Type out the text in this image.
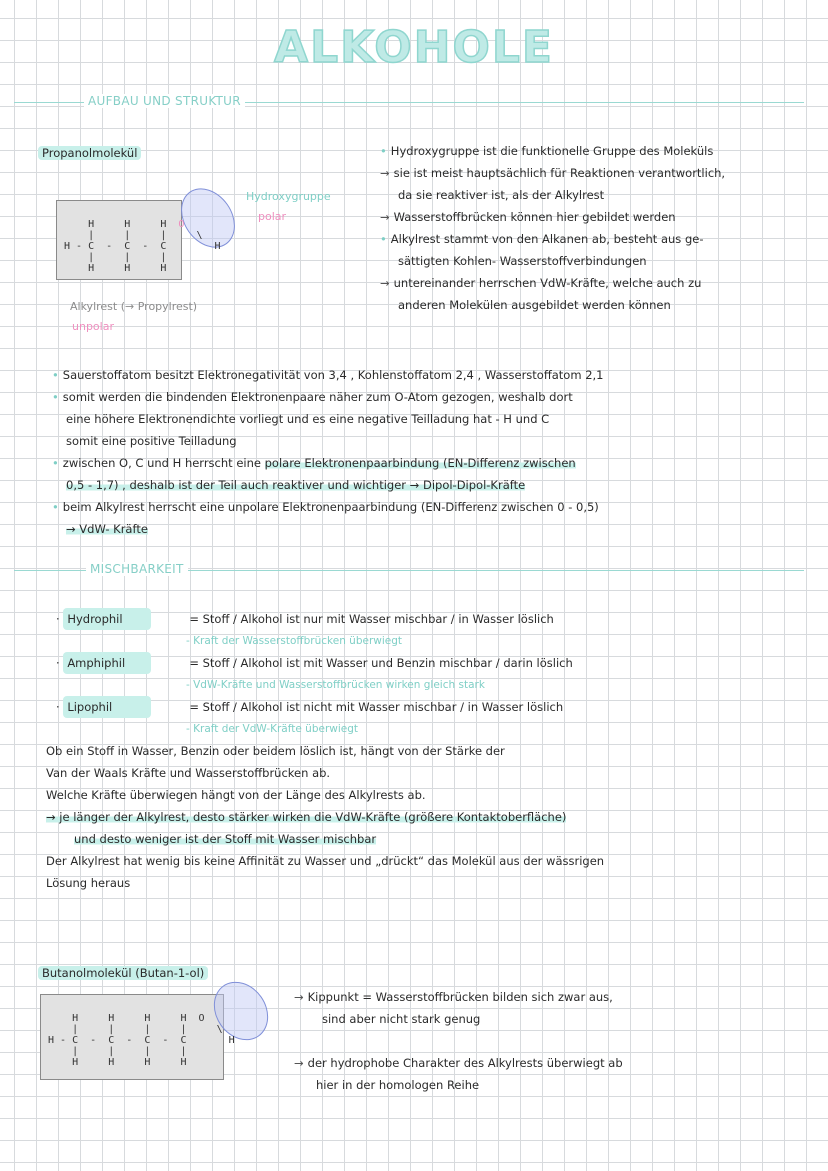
ALKOHOLE
AUFBAU UND STRUKTUR
Propanolmolekül

H     H     H  O
|     |     |     \
H - C  -  C  -  C        H
|     |     |
H     H     H
Hydroxygruppe
polar
Alkylrest (→ Propylrest)
unpolar
• Hydroxygruppe ist die funktionelle Gruppe des Moleküls
→ sie ist meist hauptsächlich für Reaktionen verantwortlich,
da sie reaktiver ist, als der Alkylrest
→ Wasserstoffbrücken können hier gebildet werden
• Alkylrest stammt von den Alkanen ab, besteht aus ge-
sättigten Kohlen- Wasserstoffverbindungen
→ untereinander herrschen VdW-Kräfte, welche auch zu
anderen Molekülen ausgebildet werden können
• Sauerstoffatom besitzt Elektronegativität von 3,4 , Kohlenstoffatom 2,4 , Wasserstoffatom 2,1
• somit werden die bindenden Elektronenpaare näher zum O-Atom gezogen, weshalb dort
eine höhere Elektronendichte vorliegt und es eine negative Teilladung hat - H und C
somit eine positive Teilladung
• zwischen O, C und H herrscht eine polare Elektronenpaarbindung (EN-Differenz zwischen
0,5 - 1,7) , deshalb ist der Teil auch reaktiver und wichtiger → Dipol-Dipol-Kräfte
• beim Alkylrest herrscht eine unpolare Elektronenpaarbindung (EN-Differenz zwischen 0 - 0,5)
→ VdW- Kräfte
MISCHBARKEIT
· Hydrophil	= Stoff / Alkohol ist nur mit Wasser mischbar / in Wasser löslich
- Kraft der Wasserstoffbrücken überwiegt
· Amphiphil	= Stoff / Alkohol ist mit Wasser und Benzin mischbar / darin löslich
- VdW-Kräfte und Wasserstoffbrücken wirken gleich stark
· Lipophil	= Stoff / Alkohol ist nicht mit Wasser mischbar / in Wasser löslich
- Kraft der VdW-Kräfte überwiegt
Ob ein Stoff in Wasser, Benzin oder beidem löslich ist, hängt von der Stärke der
Van der Waals Kräfte und Wasserstoffbrücken ab.
Welche Kräfte überwiegen hängt von der Länge des Alkylrests ab.
→ je länger der Alkylrest, desto stärker wirken die VdW-Kräfte (größere Kontaktoberfläche)
und desto weniger ist der Stoff mit Wasser mischbar
Der Alkylrest hat wenig bis keine Affinität zu Wasser und „drückt“ das Molekül aus der wässrigen
Lösung heraus
Butanolmolekül (Butan-1-ol)

H     H     H     H  O
|     |     |     |     \
H - C  -  C  -  C  -  C       H
|     |     |     |
H     H     H     H
→ Kippunkt = Wasserstoffbrücken bilden sich zwar aus,
sind aber nicht stark genug
→ der hydrophobe Charakter des Alkylrests überwiegt ab
hier in der homologen Reihe
